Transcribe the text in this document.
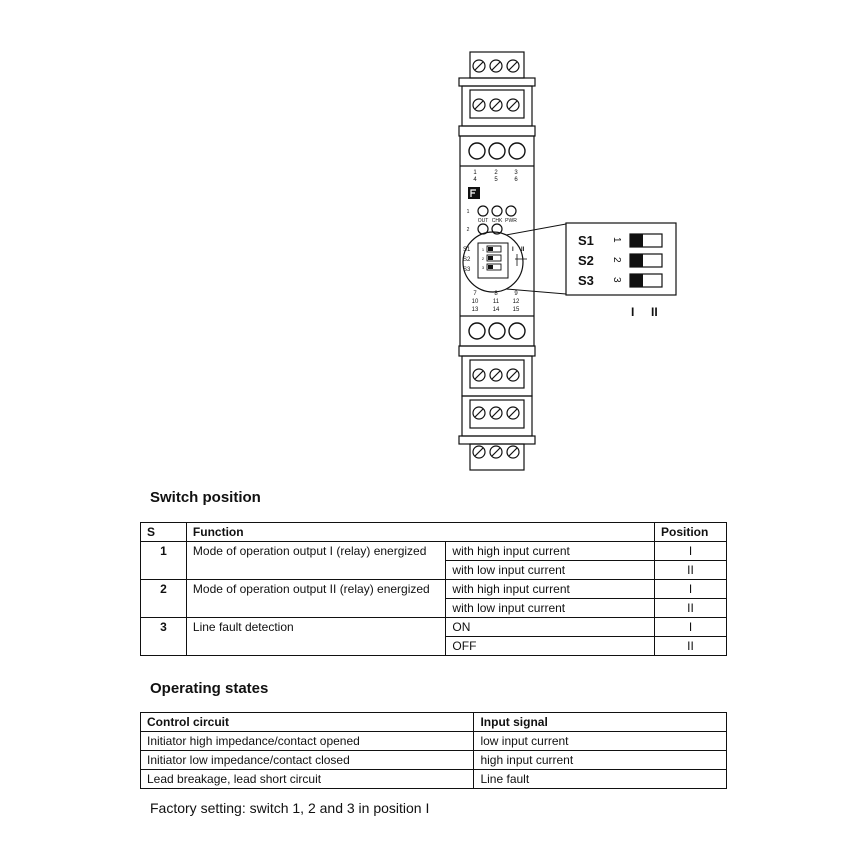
1	2	3
4	5	6
1
2
OUT CHK PWR
S1
S2
S3
1
2
3
I II
7	8	9
10 11 12
13 14 15
S1
S2
S3
1
2
3
I II
Switch position
S	Function		Position
1	Mode of operation output I (relay) energized	with high input current	I
		with low input current	II
2	Mode of operation output II (relay) energized	with high input current	I
		with low input current	II
3	Line fault detection	ON	I
		OFF	II
Operating states
Control circuit	Input signal
Initiator high impedance/contact opened	low input current
Initiator low impedance/contact closed	high input current
Lead breakage, lead short circuit	Line fault

Factory setting: switch 1, 2 and 3 in position I
